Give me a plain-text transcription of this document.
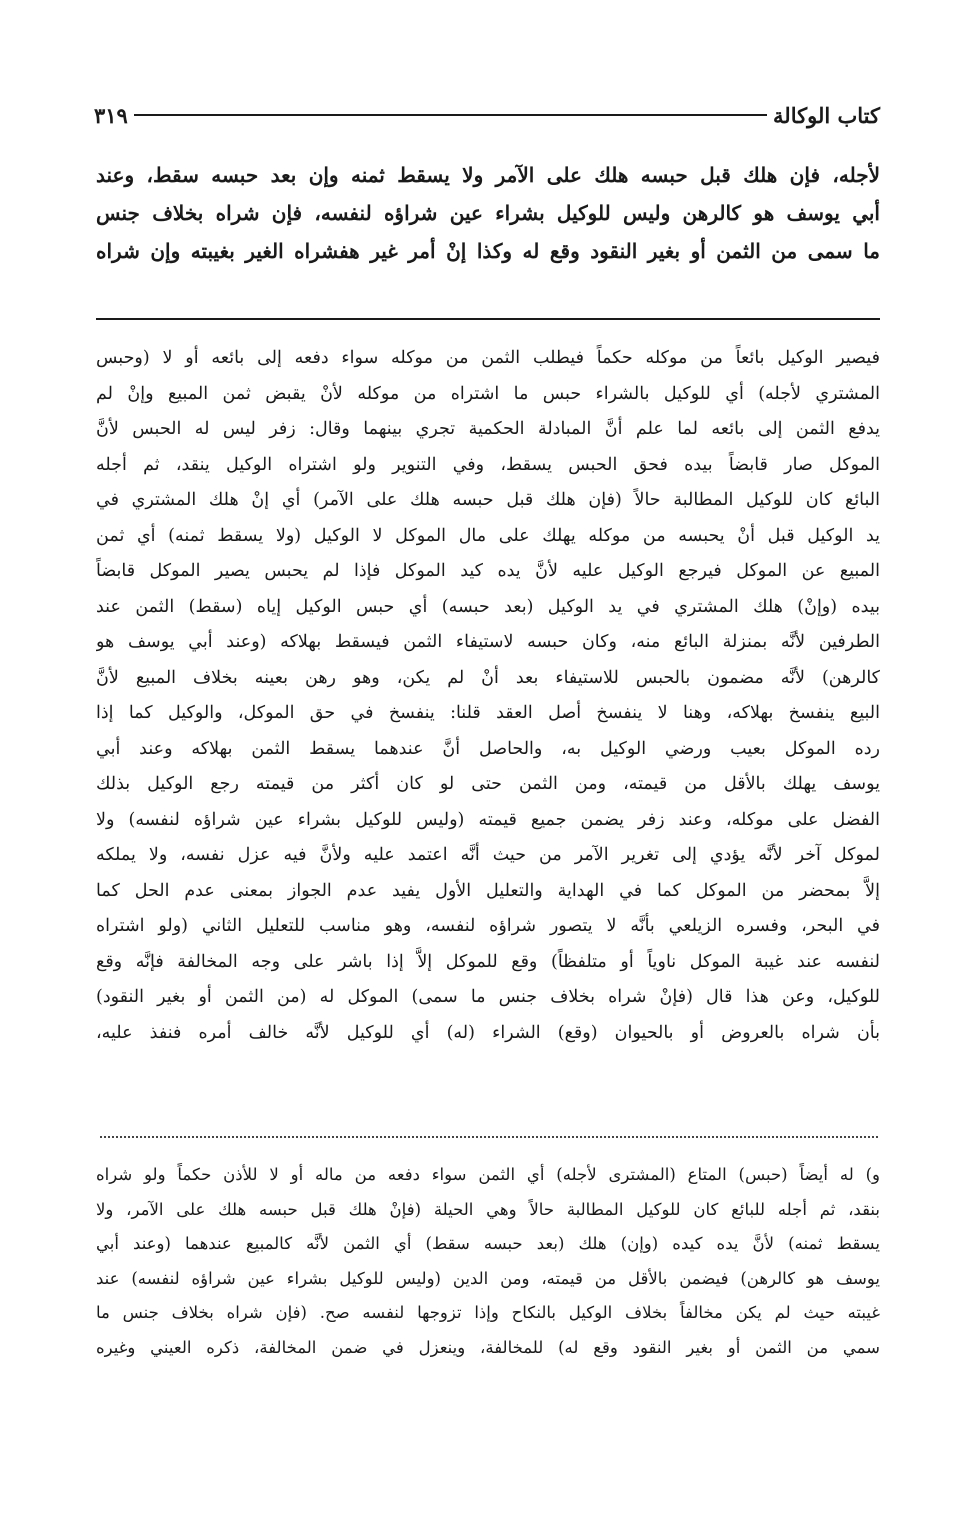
كتاب الوكالة
٣١٩

لأجله، فإن هلك قبل حبسه هلك على الآمر ولا يسقط ثمنه وإن بعد حبسه سقط، وعند

أبي يوسف هو كالرهن وليس للوكيل بشراء عين شراؤه لنفسه، فإن شراه بخلاف جنس

ما سمى من الثمن أو بغير النقود وقع له وكذا إنْ أمر غير هفشراه الغير بغيبته وإن شراه

فيصير الوكيل بائعاً من موكله حكماً فيطلب الثمن من موكله سواء دفعه إلى بائعه أو لا (وحبس

المشتري لأجله) أي للوكيل بالشراء حبس ما اشتراه من موكله لأنْ يقبض ثمن المبيع وإنْ لم

يدفع الثمن إلى بائعه لما علم أنَّ المبادلة الحكمية تجري بينهما وقال: زفر ليس له الحبس لأنَّ

الموكل صار قابضاً بيده فحق الحبس يسقط، وفي التنوير ولو اشتراه الوكيل ينقد، ثم أجله

البائع كان للوكيل المطالبة حالاً (فإن هلك قبل حبسه هلك على الآمر) أي إنْ هلك المشتري في

يد الوكيل قبل أنْ يحبسه من موكله يهلك على مال الموكل لا الوكيل (ولا يسقط ثمنه) أي ثمن

المبيع عن الموكل فيرجع الوكيل عليه لأنَّ يده كيد الموكل فإذا لم يحبس يصير الموكل قابضاً

بيده (وإنْ) هلك المشتري في يد الوكيل (بعد حبسه) أي حبس الوكيل إياه (سقط) الثمن عند

الطرفين لأنَّه بمنزلة البائع منه، وكان حبسه لاستيفاء الثمن فيسقط بهلاكه (وعند أبي يوسف هو

كالرهن) لأنَّه مضمون بالحبس للاستيفاء بعد أنْ لم يكن، وهو رهن بعينه بخلاف المبيع لأنَّ

البيع ينفسخ بهلاكه، وهنا لا ينفسخ أصل العقد قلنا: ينفسخ في حق الموكل، والوكيل كما إذا

رده الموكل بعيب ورضي الوكيل به، والحاصل أنَّ عندهما يسقط الثمن بهلاكه وعند أبي

يوسف يهلك بالأقل من قيمته، ومن الثمن حتى لو كان أكثر من قيمته رجع الوكيل بذلك

الفضل على موكله، وعند زفر يضمن جميع قيمته (وليس للوكيل بشراء عين شراؤه لنفسه) ولا

لموكل آخر لأنَّه يؤدي إلى تغرير الآمر من حيث أنَّه اعتمد عليه ولأنَّ فيه عزل نفسه، ولا يملكه

إلاَّ بمحضر من الموكل كما في الهداية والتعليل الأول يفيد عدم الجواز بمعنى عدم الحل كما

في البحر، وفسره الزيلعي بأنَّه لا يتصور شراؤه لنفسه، وهو مناسب للتعليل الثاني (ولو اشتراه

لنفسه عند غيبة الموكل ناوياً أو متلفظاً) وقع للموكل إلاَّ إذا باشر على وجه المخالفة فإنَّه وقع

للوكيل، وعن هذا قال (فإنْ شراه بخلاف جنس ما سمى) الموكل له (من الثمن أو بغير النقود)

بأن شراه بالعروض أو بالحيوان (وقع) الشراء (له) أي للوكيل لأنَّه خالف أمره فنفذ عليه،

و) له أيضاً (حبس) المتاع (المشترى لأجله) أي الثمن سواء دفعه من ماله أو لا للأذن حكماً ولو شراه

بنقد، ثم أجله للبائع كان للوكيل المطالبة حالاً وهي الحيلة (فإنْ هلك قبل حبسه هلك على الآمر، ولا

يسقط ثمنه) لأنَّ يده كيده (وإن) هلك (بعد حبسه سقط) أي الثمن لأنَّه كالمبيع عندهما (وعند أبي

يوسف هو كالرهن) فيضمن بالأقل من قيمته، ومن الدين (وليس للوكيل بشراء عين شراؤه لنفسه) عند

غيبته حيث لم يكن مخالفاً بخلاف الوكيل بالنكاح وإذا تزوجها لنفسه صح. (فإن شراه بخلاف جنس ما

سمي من الثمن أو بغير النقود وقع له) للمخالفة، وينعزل في ضمن المخالفة، ذكره العيني وغيره
